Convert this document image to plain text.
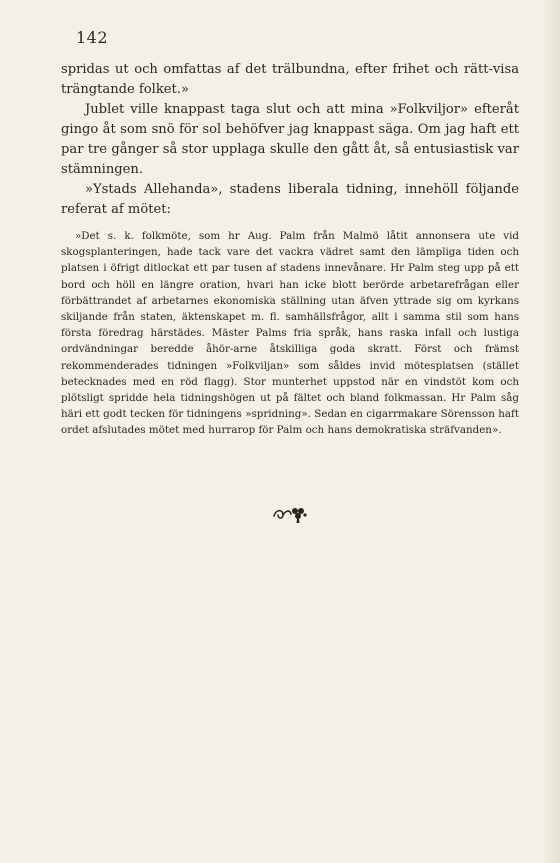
142

spridas ut och omfattas af det trälbundna, efter frihet och rätt-visa trängtande folket.»

Jublet ville knappast taga slut och att mina »Folkviljor» efteråt gingo åt som snö för sol behöfver jag knappast säga. Om jag haft ett par tre gånger så stor upplaga skulle den gått åt, så entusiastisk var stämningen.

»Ystads Allehanda», stadens liberala tidning, innehöll följande referat af mötet:

»Det s. k. folkmöte, som hr Aug. Palm från Malmö låtit annonsera ute vid skogsplanteringen, hade tack vare det vackra vädret samt den lämpliga tiden och platsen i öfrigt ditlockat ett par tusen af stadens innevånare. Hr Palm steg upp på ett bord och höll en längre oration, hvari han icke blott berörde arbetarefrågan eller förbättrandet af arbetarnes ekonomiska ställning utan äfven yttrade sig om kyrkans skiljande från staten, äktenskapet m. fl. samhällsfrågor, allt i samma stil som hans första föredrag härstädes. Mäster Palms fria språk, hans raska infall och lustiga ordvändningar beredde åhör-arne åtskilliga goda skratt. Först och främst rekommenderades tidningen »Folkviljan» som såldes invid mötesplatsen (stället betecknades med en röd flagg). Stor munterhet uppstod när en vindstöt kom och plötsligt spridde hela tidningshögen ut på fältet och bland folkmassan. Hr Palm såg häri ett godt tecken för tidningens »spridning». Sedan en cigarrmakare Sörensson haft ordet afslutades mötet med hurrarop för Palm och hans demokratiska sträfvanden».
